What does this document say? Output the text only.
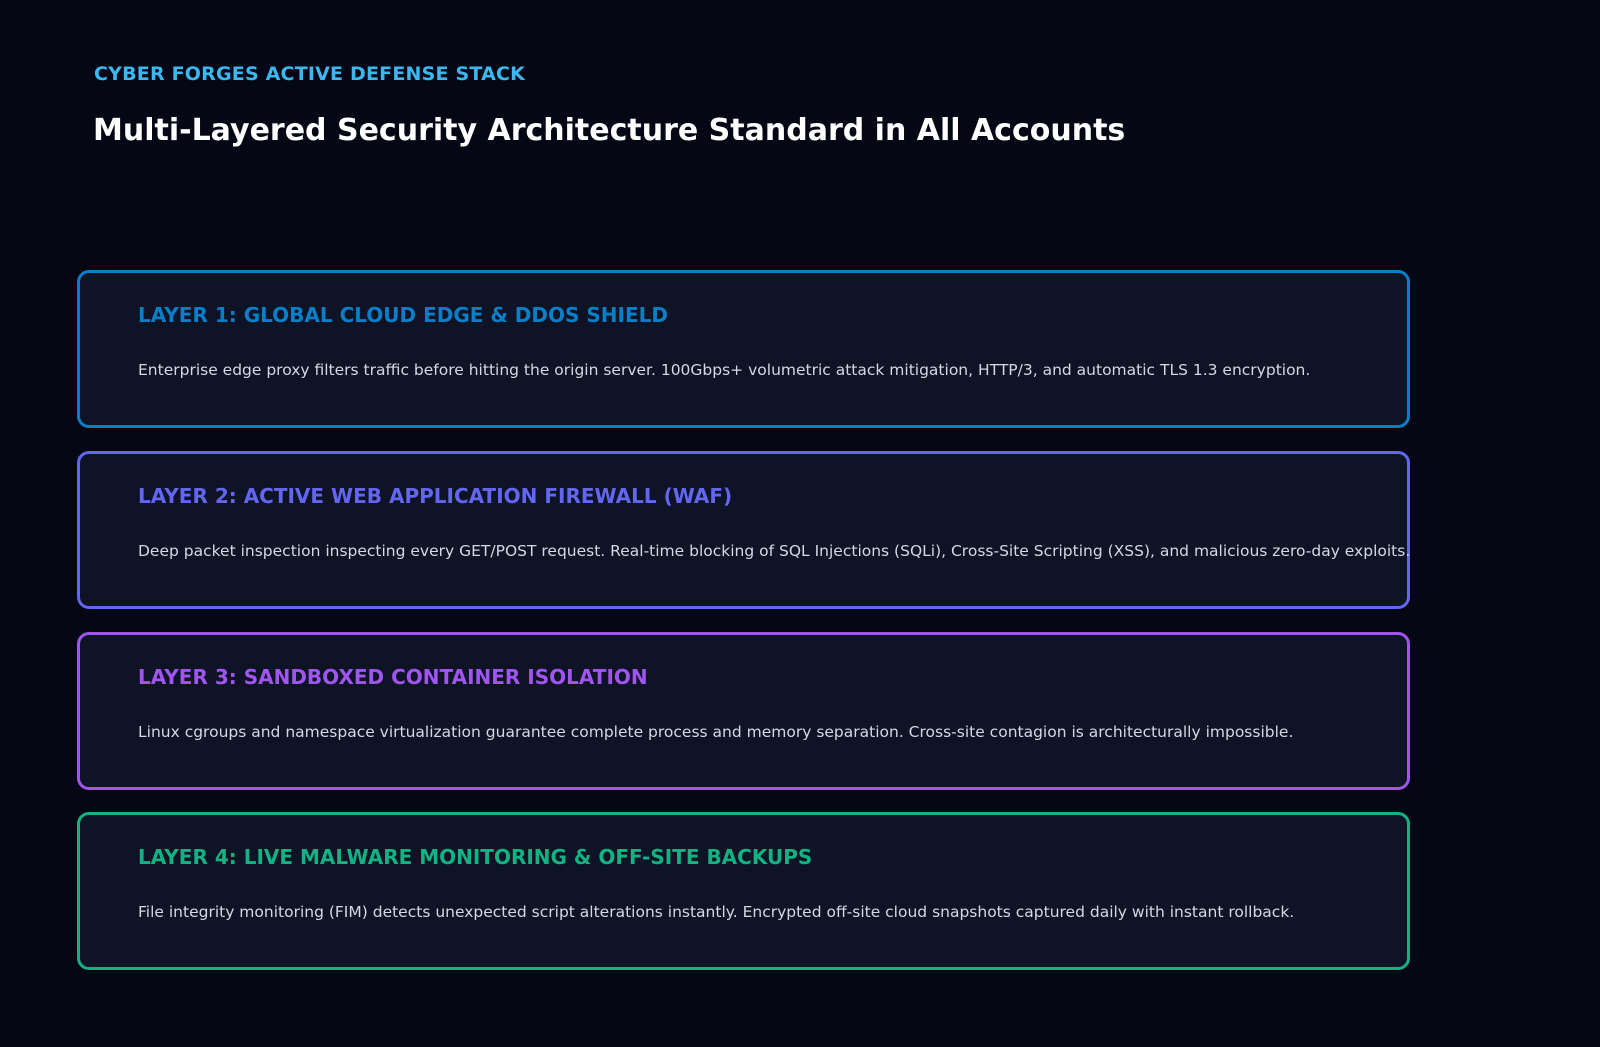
CYBER FORGES ACTIVE DEFENSE STACK

Multi-Layered Security Architecture Standard in All Accounts
LAYER 1: GLOBAL CLOUD EDGE & DDOS SHIELD

Enterprise edge proxy filters traffic before hitting the origin server. 100Gbps+ volumetric attack mitigation, HTTP/3, and automatic TLS 1.3 encryption.

LAYER 2: ACTIVE WEB APPLICATION FIREWALL (WAF)

Deep packet inspection inspecting every GET/POST request. Real-time blocking of SQL Injections (SQLi), Cross-Site Scripting (XSS), and malicious zero-day exploits.

LAYER 3: SANDBOXED CONTAINER ISOLATION

Linux cgroups and namespace virtualization guarantee complete process and memory separation. Cross-site contagion is architecturally impossible.

LAYER 4: LIVE MALWARE MONITORING & OFF-SITE BACKUPS

File integrity monitoring (FIM) detects unexpected script alterations instantly. Encrypted off-site cloud snapshots captured daily with instant rollback.
